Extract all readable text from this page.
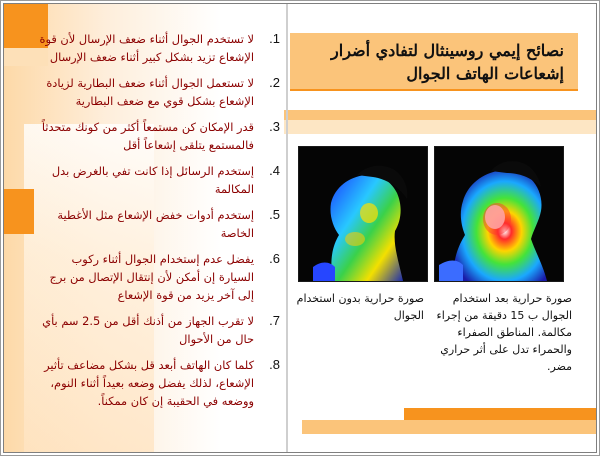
نصائح إيمي روسينثال لتفادي أضرار
إشعاعات الهاتف الجوال
1.
لا تستخدم الجوال أثناء ضعف الإرسال لأن قوة الإشعاع تزيد بشكل كبير أثناء ضعف الإرسال
2.
لا تستعمل الجوال أثناء ضعف البطارية لزيادة الإشعاع بشكل قوي مع ضعف البطارية
3.
قدر الإمكان كن مستمعاً أكثر من كونك متحدثاً فالمستمع يتلقى إشعاعاً أقل
4.
إستخدم الرسائل إذا كانت تفي بالغرض بدل المكالمة
5.
إستخدم أدوات خفض الإشعاع مثل الأغطية الخاصة
6.
يفضل عدم إستخدام الجوال أثناء ركوب السيارة إن أمكن لأن إنتقال الإتصال من برج إلى آخر يزيد من قوة الإشعاع
7.
لا تقرب الجهاز من أذنك أقل من 2.5 سم بأي حال من الأحوال
8.
كلما كان الهاتف أبعد قل بشكل مضاعف تأثير الإشعاع، لذلك يفضل وضعه بعيداً أثناء النوم، ووضعه في الحقيبة إن كان ممكناً.
صورة حرارية بعد استخدام الجوال ب 15 دقيقة من إجراء مكالمة. المناطق الصفراء والحمراء تدل على أثر حراري مضر.
صورة حرارية بدون استخدام الجوال
